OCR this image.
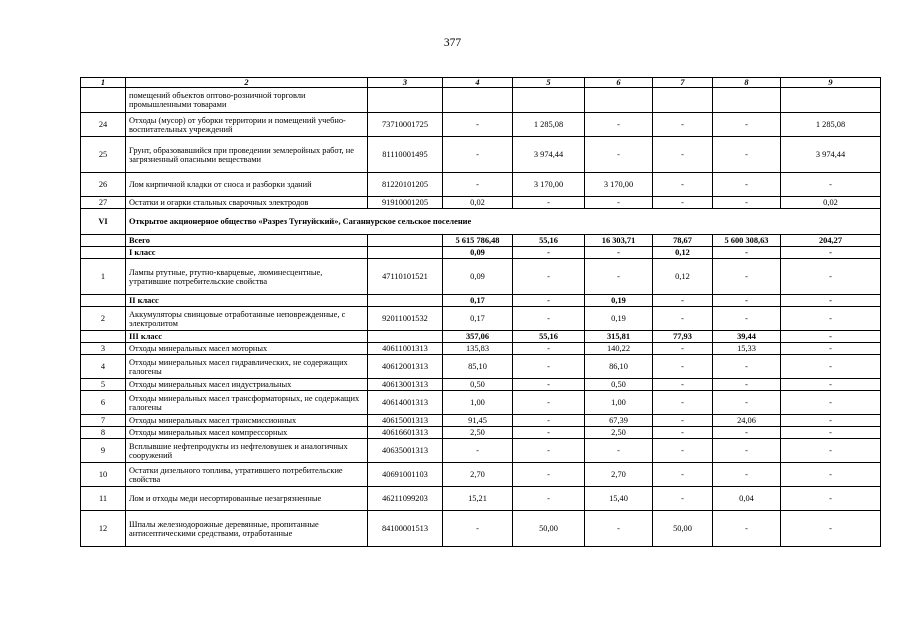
377
1	2	3	4	5	6	7	8	9
	помещений объектов оптово-розничной торговли промышленными товарами							
24	Отходы (мусор) от уборки территории и помещений учебно-воспитательных учреждений	73710001725	-	1 285,08	-	-	-	1 285,08
25	Грунт, образовавшийся при проведении землеройных работ, не загрязненный опасными веществами	81110001495	-	3 974,44	-	-	-	3 974,44
26	Лом кирпичной кладки от сноса и разборки зданий	81220101205	-	3 170,00	3 170,00	-	-	-
27	Остатки и огарки стальных сварочных электродов	91910001205	0,02	-	-	-	-	0,02
VI	Открытое акционерное общество «Разрез Тугнуйский», Саганнурское сельское поселение							
	Всего		5 615 786,48	55,16	16 303,71	78,67	5 600 308,63	204,27
	I класс		0,09	-	-	0,12	-	-
1	Лампы ртутные, ртутно-кварцевые, люминесцентные, утратившие потребительские свойства	47110101521	0,09	-	-	0,12	-	-
	II класс		0,17	-	0,19	-	-	-
2	Аккумуляторы свинцовые отработанные неповрежденные, с электролитом	92011001532	0,17	-	0,19	-	-	-
	III класс		357,06	55,16	315,81	77,93	39,44	-
3	Отходы минеральных масел моторных	40611001313	135,83	-	140,22	-	15,33	-
4	Отходы минеральных масел гидравлических, не содержащих галогены	40612001313	85,10	-	86,10	-	-	-
5	Отходы минеральных масел индустриальных	40613001313	0,50	-	0,50	-	-	-
6	Отходы минеральных масел трансформаторных, не содержащих галогены	40614001313	1,00	-	1,00	-	-	-
7	Отходы минеральных масел трансмиссионных	40615001313	91,45	-	67,39	-	24,06	-
8	Отходы минеральных масел компрессорных	40616601313	2,50	-	2,50	-	-	-
9	Всплывшие нефтепродукты из нефтеловушек и аналогичных сооружений	40635001313	-	-	-	-	-	-
10	Остатки дизельного топлива, утратившего потребительские свойства	40691001103	2,70	-	2,70	-	-	-
11	Лом и отходы меди несортированные незагрязненные	46211099203	15,21	-	15,40	-	0,04	-
12	Шпалы железнодорожные деревянные, пропитанные антисептическими средствами, отработанные	84100001513	-	50,00	-	50,00	-	-
